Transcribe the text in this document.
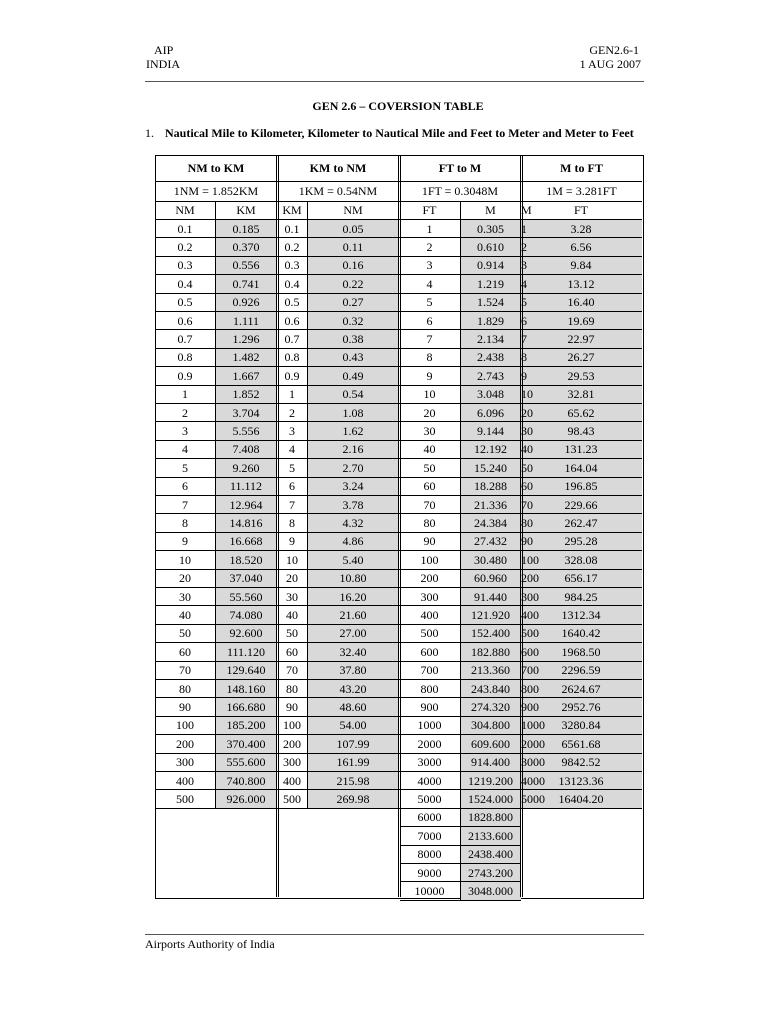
AIP
INDIA
GEN2.6-1
1 AUG 2007
GEN 2.6 – COVERSION TABLE
1. Nautical Mile to Kilometer, Kilometer to Nautical Mile and Feet to Meter and Meter to Feet
NM to KM
1NM = 1.852KM
NM	KM
0.1	0.185
0.2	0.370
0.3	0.556
0.4	0.741
0.5	0.926
0.6	1.111
0.7	1.296
0.8	1.482
0.9	1.667
1	1.852
2	3.704
3	5.556
4	7.408
5	9.260
6	11.112
7	12.964
8	14.816
9	16.668
10	18.520
20	37.040
30	55.560
40	74.080
50	92.600
60	111.120
70	129.640
80	148.160
90	166.680
100	185.200
200	370.400
300	555.600
400	740.800
500	926.000
KM to NM
1KM = 0.54NM
KM	NM
0.1	0.05
0.2	0.11
0.3	0.16
0.4	0.22
0.5	0.27
0.6	0.32
0.7	0.38
0.8	0.43
0.9	0.49
1	0.54
2	1.08
3	1.62
4	2.16
5	2.70
6	3.24
7	3.78
8	4.32
9	4.86
10	5.40
20	10.80
30	16.20
40	21.60
50	27.00
60	32.40
70	37.80
80	43.20
90	48.60
100	54.00
200	107.99
300	161.99
400	215.98
500	269.98
FT to M
1FT = 0.3048M
FT	M
1	0.305
2	0.610
3	0.914
4	1.219
5	1.524
6	1.829
7	2.134
8	2.438
9	2.743
10	3.048
20	6.096
30	9.144
40	12.192
50	15.240
60	18.288
70	21.336
80	24.384
90	27.432
100	30.480
200	60.960
300	91.440
400	121.920
500	152.400
600	182.880
700	213.360
800	243.840
900	274.320
1000	304.800
2000	609.600
3000	914.400
4000	1219.200
5000	1524.000
6000	1828.800
7000	2133.600
8000	2438.400
9000	2743.200
10000	3048.000
M to FT
1M = 3.281FT
M	FT
1	3.28
2	6.56
3	9.84
4	13.12
5	16.40
6	19.69
7	22.97
8	26.27
9	29.53
10	32.81
20	65.62
30	98.43
40	131.23
50	164.04
60	196.85
70	229.66
80	262.47
90	295.28
100	328.08
200	656.17
300	984.25
400	1312.34
500	1640.42
600	1968.50
700	2296.59
800	2624.67
900	2952.76
1000	3280.84
2000	6561.68
3000	9842.52
4000	13123.36
5000	16404.20
Airports Authority of India
